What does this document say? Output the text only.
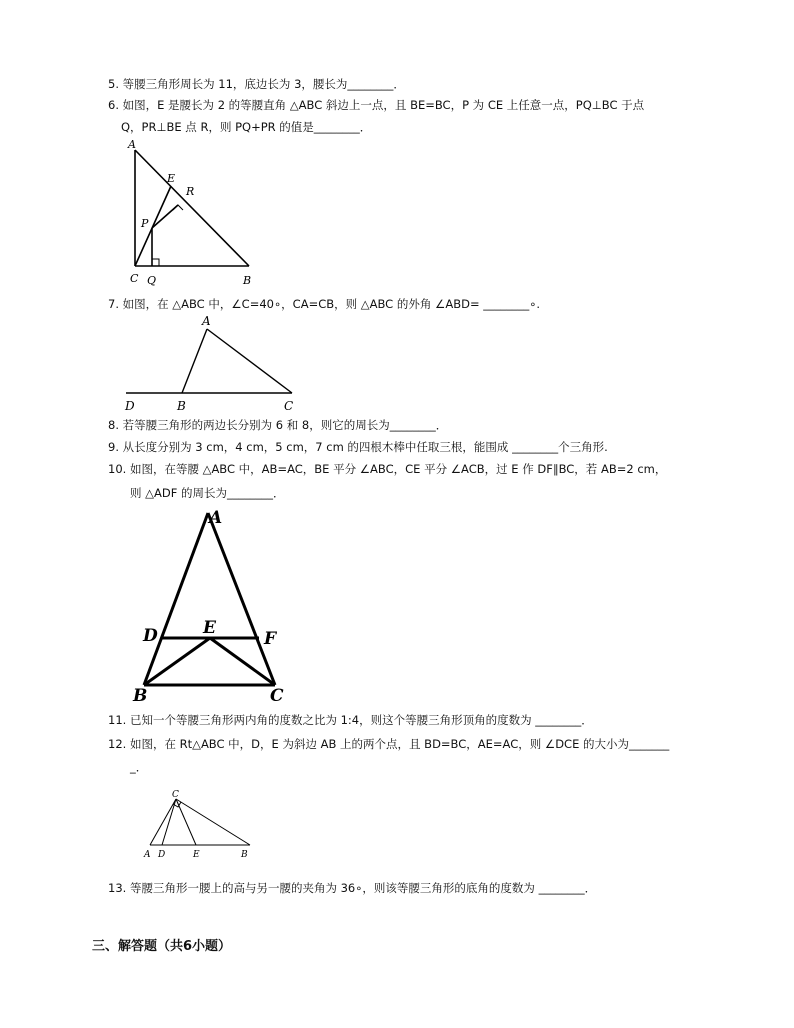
5. 等腰三角形周长为 11，底边长为 3，腰长为________．
6. 如图，E 是腰长为 2 的等腰直角 △ABC 斜边上一点，且 BE=BC，P 为 CE 上任意一点，PQ⊥BC 于点
Q，PR⊥BE 点 R，则 PQ+PR 的值是________．
A
E
R
P
C Q	B
7. 如图，在 △ABC 中，∠C=40∘，CA=CB，则 △ABC 的外角 ∠ABD= ________∘.
A
D	B	C
8. 若等腰三角形的两边长分别为 6 和 8，则它的周长为________．
9. 从长度分别为 3 cm，4 cm，5 cm，7 cm 的四根木棒中任取三根，能围成 ________个三角形.
10. 如图，在等腰 △ABC 中，AB=AC，BE 平分 ∠ABC，CE 平分 ∠ACB，过 E 作 DF∥BC，若 AB=2 cm，
则 △ADF 的周长为________．
A
D	E
F
B	C
11. 已知一个等腰三角形两内角的度数之比为 1:4，则这个等腰三角形顶角的度数为 ________．
12. 如图，在 Rt△ABC 中，D，E 为斜边 AB 上的两个点，且 BD=BC，AE=AC，则 ∠DCE 的大小为_______
_．
C
A D	E	B
13. 等腰三角形一腰上的高与另一腰的夹角为 36∘，则该等腰三角形的底角的度数为 ________．
三、解答题（共6小题）
